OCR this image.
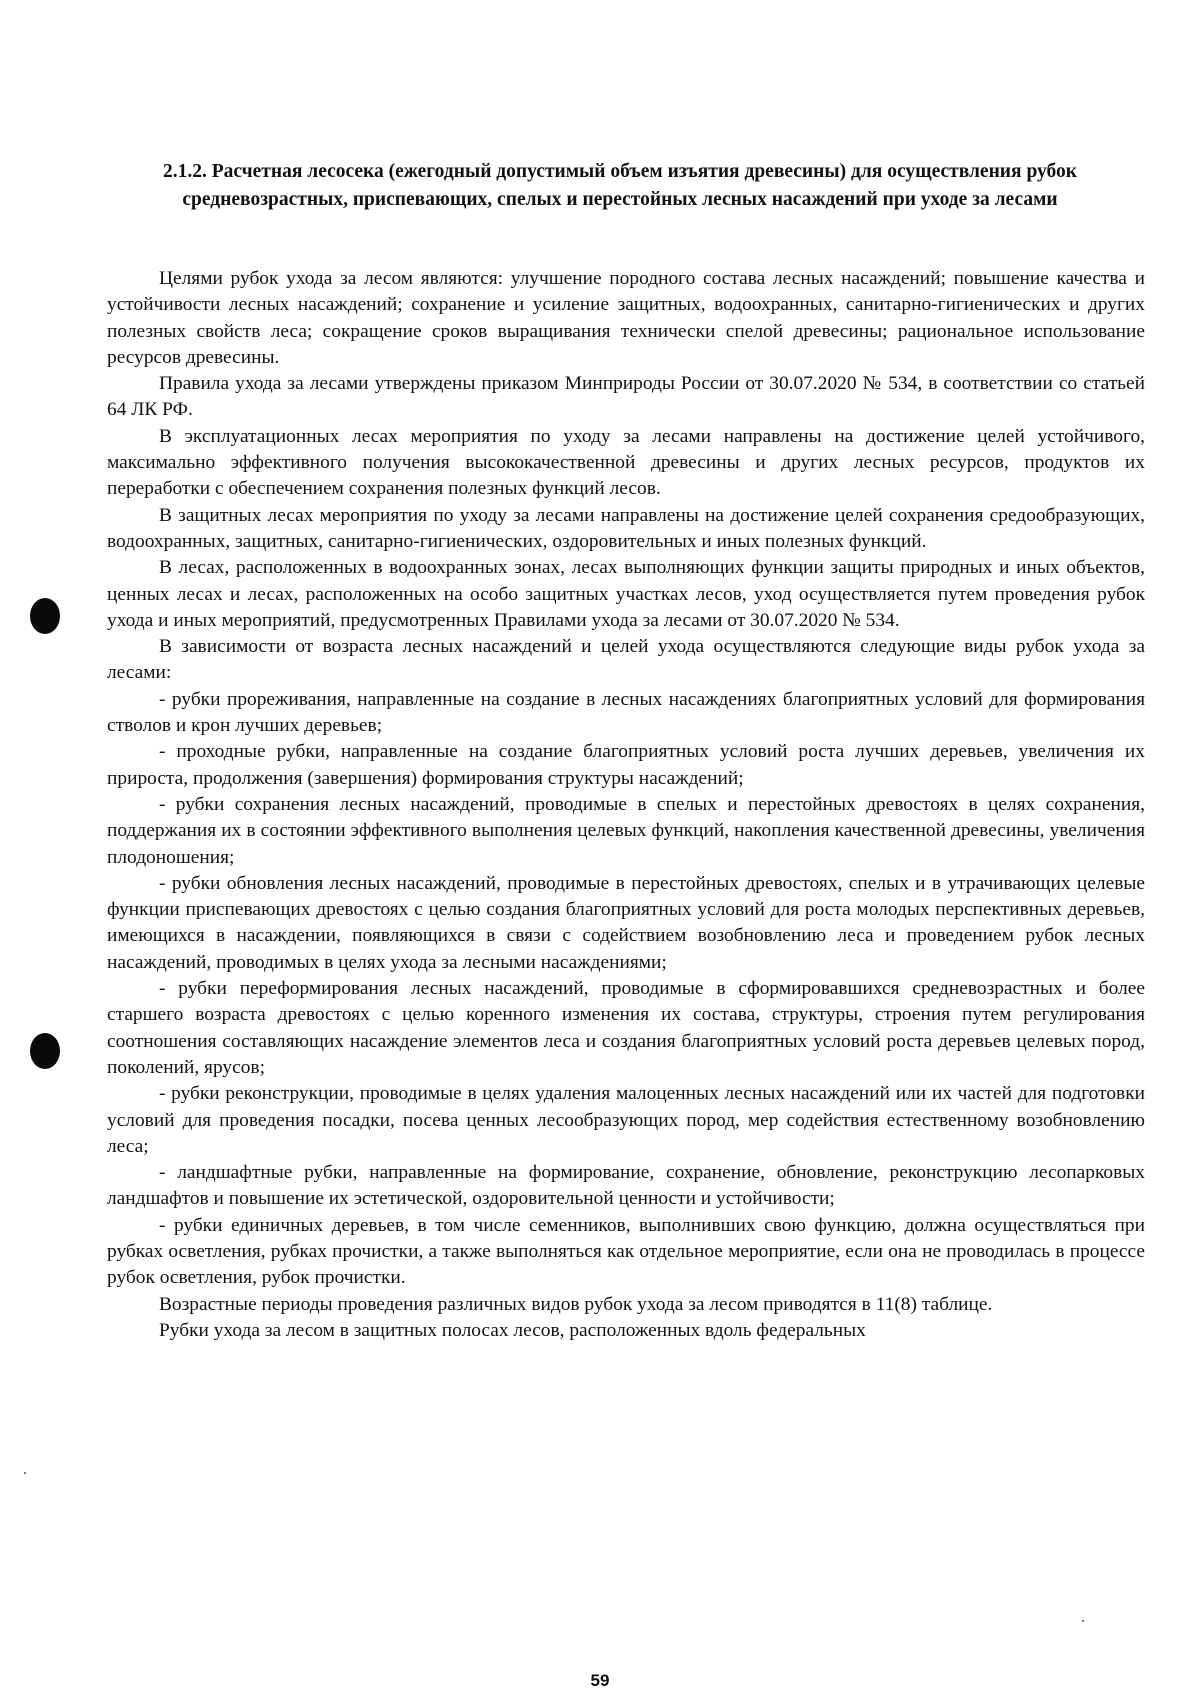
2.1.2. Расчетная лесосека (ежегодный допустимый объем изъятия древесины) для осуществления рубок средневозрастных, приспевающих, спелых и перестойных лесных насаждений при уходе за лесами

Целями рубок ухода за лесом являются: улучшение породного состава лесных насаждений; повышение качества и устойчивости лесных насаждений; сохранение и усиление защитных, водоохранных, санитарно-гигиенических и других полезных свойств леса; сокращение сроков выращивания технически спелой древесины; рациональное использование ресурсов древесины.

Правила ухода за лесами утверждены приказом Минприроды России от 30.07.2020 № 534, в соответствии со статьей 64 ЛК РФ.

В эксплуатационных лесах мероприятия по уходу за лесами направлены на достижение целей устойчивого, максимально эффективного получения высококачественной древесины и других лесных ресурсов, продуктов их переработки с обеспечением сохранения полезных функций лесов.

В защитных лесах мероприятия по уходу за лесами направлены на достижение целей сохранения средообразующих, водоохранных, защитных, санитарно-гигиенических, оздоровительных и иных полезных функций.

В лесах, расположенных в водоохранных зонах, лесах выполняющих функции защиты природных и иных объектов, ценных лесах и лесах, расположенных на особо защитных участках лесов, уход осуществляется путем проведения рубок ухода и иных мероприятий, предусмотренных Правилами ухода за лесами от 30.07.2020 № 534.

В зависимости от возраста лесных насаждений и целей ухода осуществляются следующие виды рубок ухода за лесами:

- рубки прореживания, направленные на создание в лесных насаждениях благоприятных условий для формирования стволов и крон лучших деревьев;

- проходные рубки, направленные на создание благоприятных условий роста лучших деревьев, увеличения их прироста, продолжения (завершения) формирования структуры насаждений;

- рубки сохранения лесных насаждений, проводимые в спелых и перестойных древостоях в целях сохранения, поддержания их в состоянии эффективного выполнения целевых функций, накопления качественной древесины, увеличения плодоношения;

- рубки обновления лесных насаждений, проводимые в перестойных древостоях, спелых и в утрачивающих целевые функции приспевающих древостоях с целью создания благоприятных условий для роста молодых перспективных деревьев, имеющихся в насаждении, появляющихся в связи с содействием возобновлению леса и проведением рубок лесных насаждений, проводимых в целях ухода за лесными насаждениями;

- рубки переформирования лесных насаждений, проводимые в сформировавшихся средневозрастных и более старшего возраста древостоях с целью коренного изменения их состава, структуры, строения путем регулирования соотношения составляющих насаждение элементов леса и создания благоприятных условий роста деревьев целевых пород, поколений, ярусов;

- рубки реконструкции, проводимые в целях удаления малоценных лесных насаждений или их частей для подготовки условий для проведения посадки, посева ценных лесообразующих пород, мер содействия естественному возобновлению леса;

- ландшафтные рубки, направленные на формирование, сохранение, обновление, реконструкцию лесопарковых ландшафтов и повышение их эстетической, оздоровительной ценности и устойчивости;

- рубки единичных деревьев, в том числе семенников, выполнивших свою функцию, должна осуществляться при рубках осветления, рубках прочистки, а также выполняться как отдельное мероприятие, если она не проводилась в процессе рубок осветления, рубок прочистки.

Возрастные периоды проведения различных видов рубок ухода за лесом приводятся в 11(8) таблице.

Рубки ухода за лесом в защитных полосах лесов, расположенных вдоль федеральных

59
